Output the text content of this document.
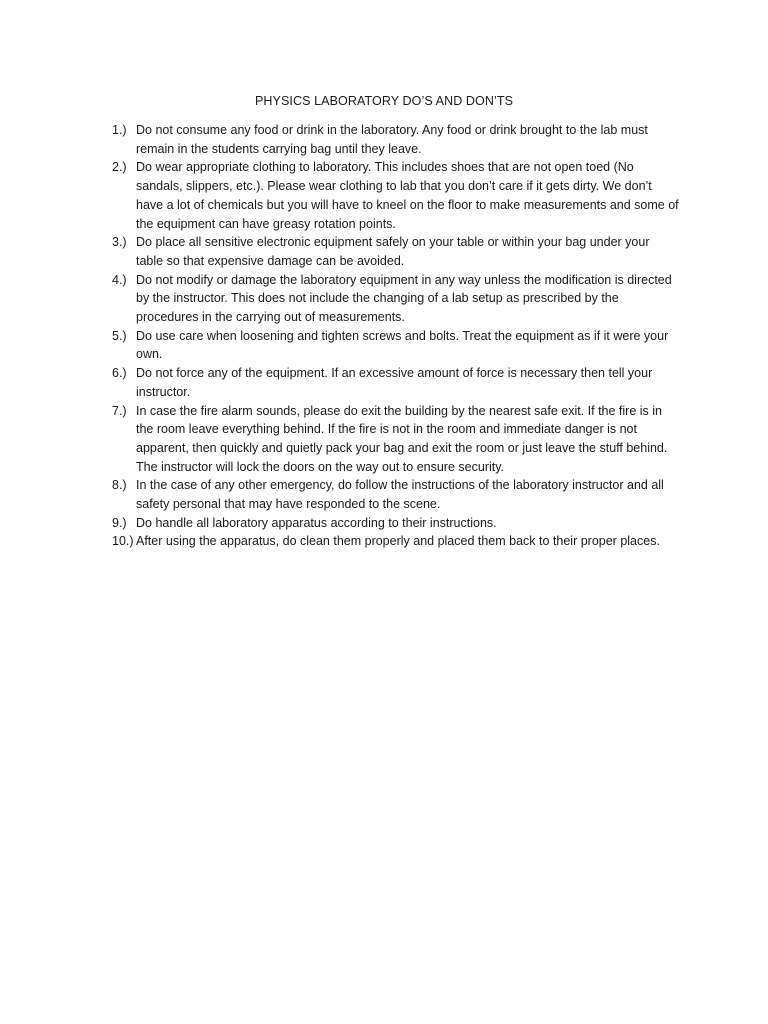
PHYSICS LABORATORY DO’S AND DON’TS
1.) Do not consume any food or drink in the laboratory. Any food or drink brought to the lab must remain in the students carrying bag until they leave.
2.) Do wear appropriate clothing to laboratory. This includes shoes that are not open toed (No sandals, slippers, etc.). Please wear clothing to lab that you don’t care if it gets dirty. We don’t have a lot of chemicals but you will have to kneel on the floor to make measurements and some of the equipment can have greasy rotation points.
3.) Do place all sensitive electronic equipment safely on your table or within your bag under your table so that expensive damage can be avoided.
4.) Do not modify or damage the laboratory equipment in any way unless the modification is directed by the instructor. This does not include the changing of a lab setup as prescribed by the procedures in the carrying out of measurements.
5.) Do use care when loosening and tighten screws and bolts. Treat the equipment as if it were your own.
6.) Do not force any of the equipment. If an excessive amount of force is necessary then tell your instructor.
7.) In case the fire alarm sounds, please do exit the building by the nearest safe exit. If the fire is in the room leave everything behind. If the fire is not in the room and immediate danger is not apparent, then quickly and quietly pack your bag and exit the room or just leave the stuff behind. The instructor will lock the doors on the way out to ensure security.
8.) In the case of any other emergency, do follow the instructions of the laboratory instructor and all safety personal that may have responded to the scene.
9.) Do handle all laboratory apparatus according to their instructions.
10.) After using the apparatus, do clean them properly and placed them back to their proper places.
